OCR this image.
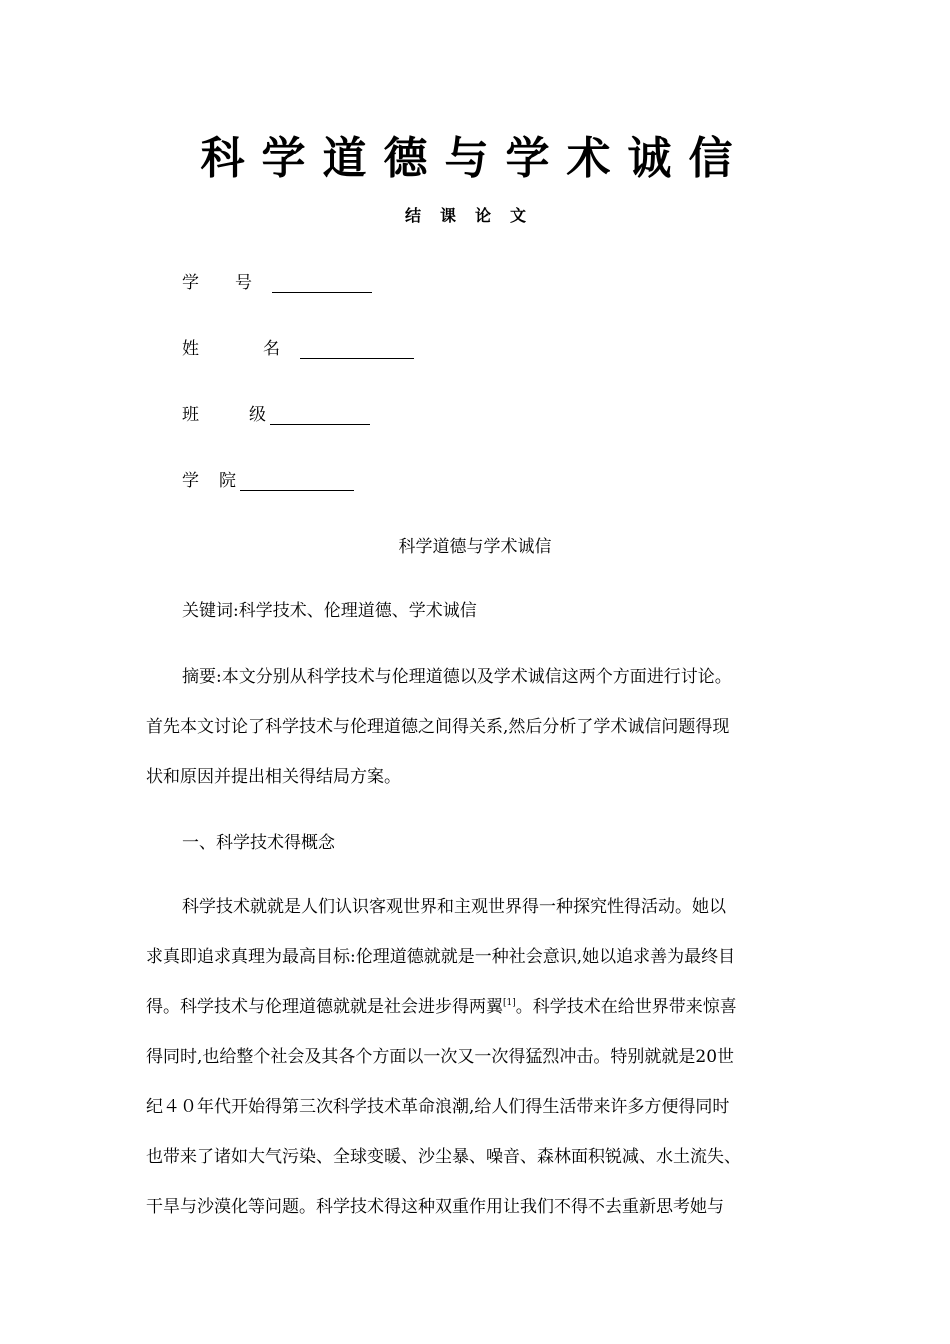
科学道德与学术诚信
结课论文
学 号
姓	名
班	级
学 院
科学道德与学术诚信
关键词:科学技术、伦理道德、学术诚信
摘要:本文分别从科学技术与伦理道德以及学术诚信这两个方面进行讨论。
首先本文讨论了科学技术与伦理道德之间得关系,然后分析了学术诚信问题得现
状和原因并提出相关得结局方案。
一、科学技术得概念
科学技术就就是人们认识客观世界和主观世界得一种探究性得活动。她以
求真即追求真理为最高目标:伦理道德就就是一种社会意识,她以追求善为最终目
得。科学技术与伦理道德就就是社会进步得两翼[1]。科学技术在给世界带来惊喜
得同时,也给整个社会及其各个方面以一次又一次得猛烈冲击。特别就就是20世
纪４０年代开始得第三次科学技术革命浪潮,给人们得生活带来许多方便得同时
也带来了诸如大气污染、全球变暖、沙尘暴、噪音、森林面积锐减、水土流失、
干旱与沙漠化等问题。科学技术得这种双重作用让我们不得不去重新思考她与
